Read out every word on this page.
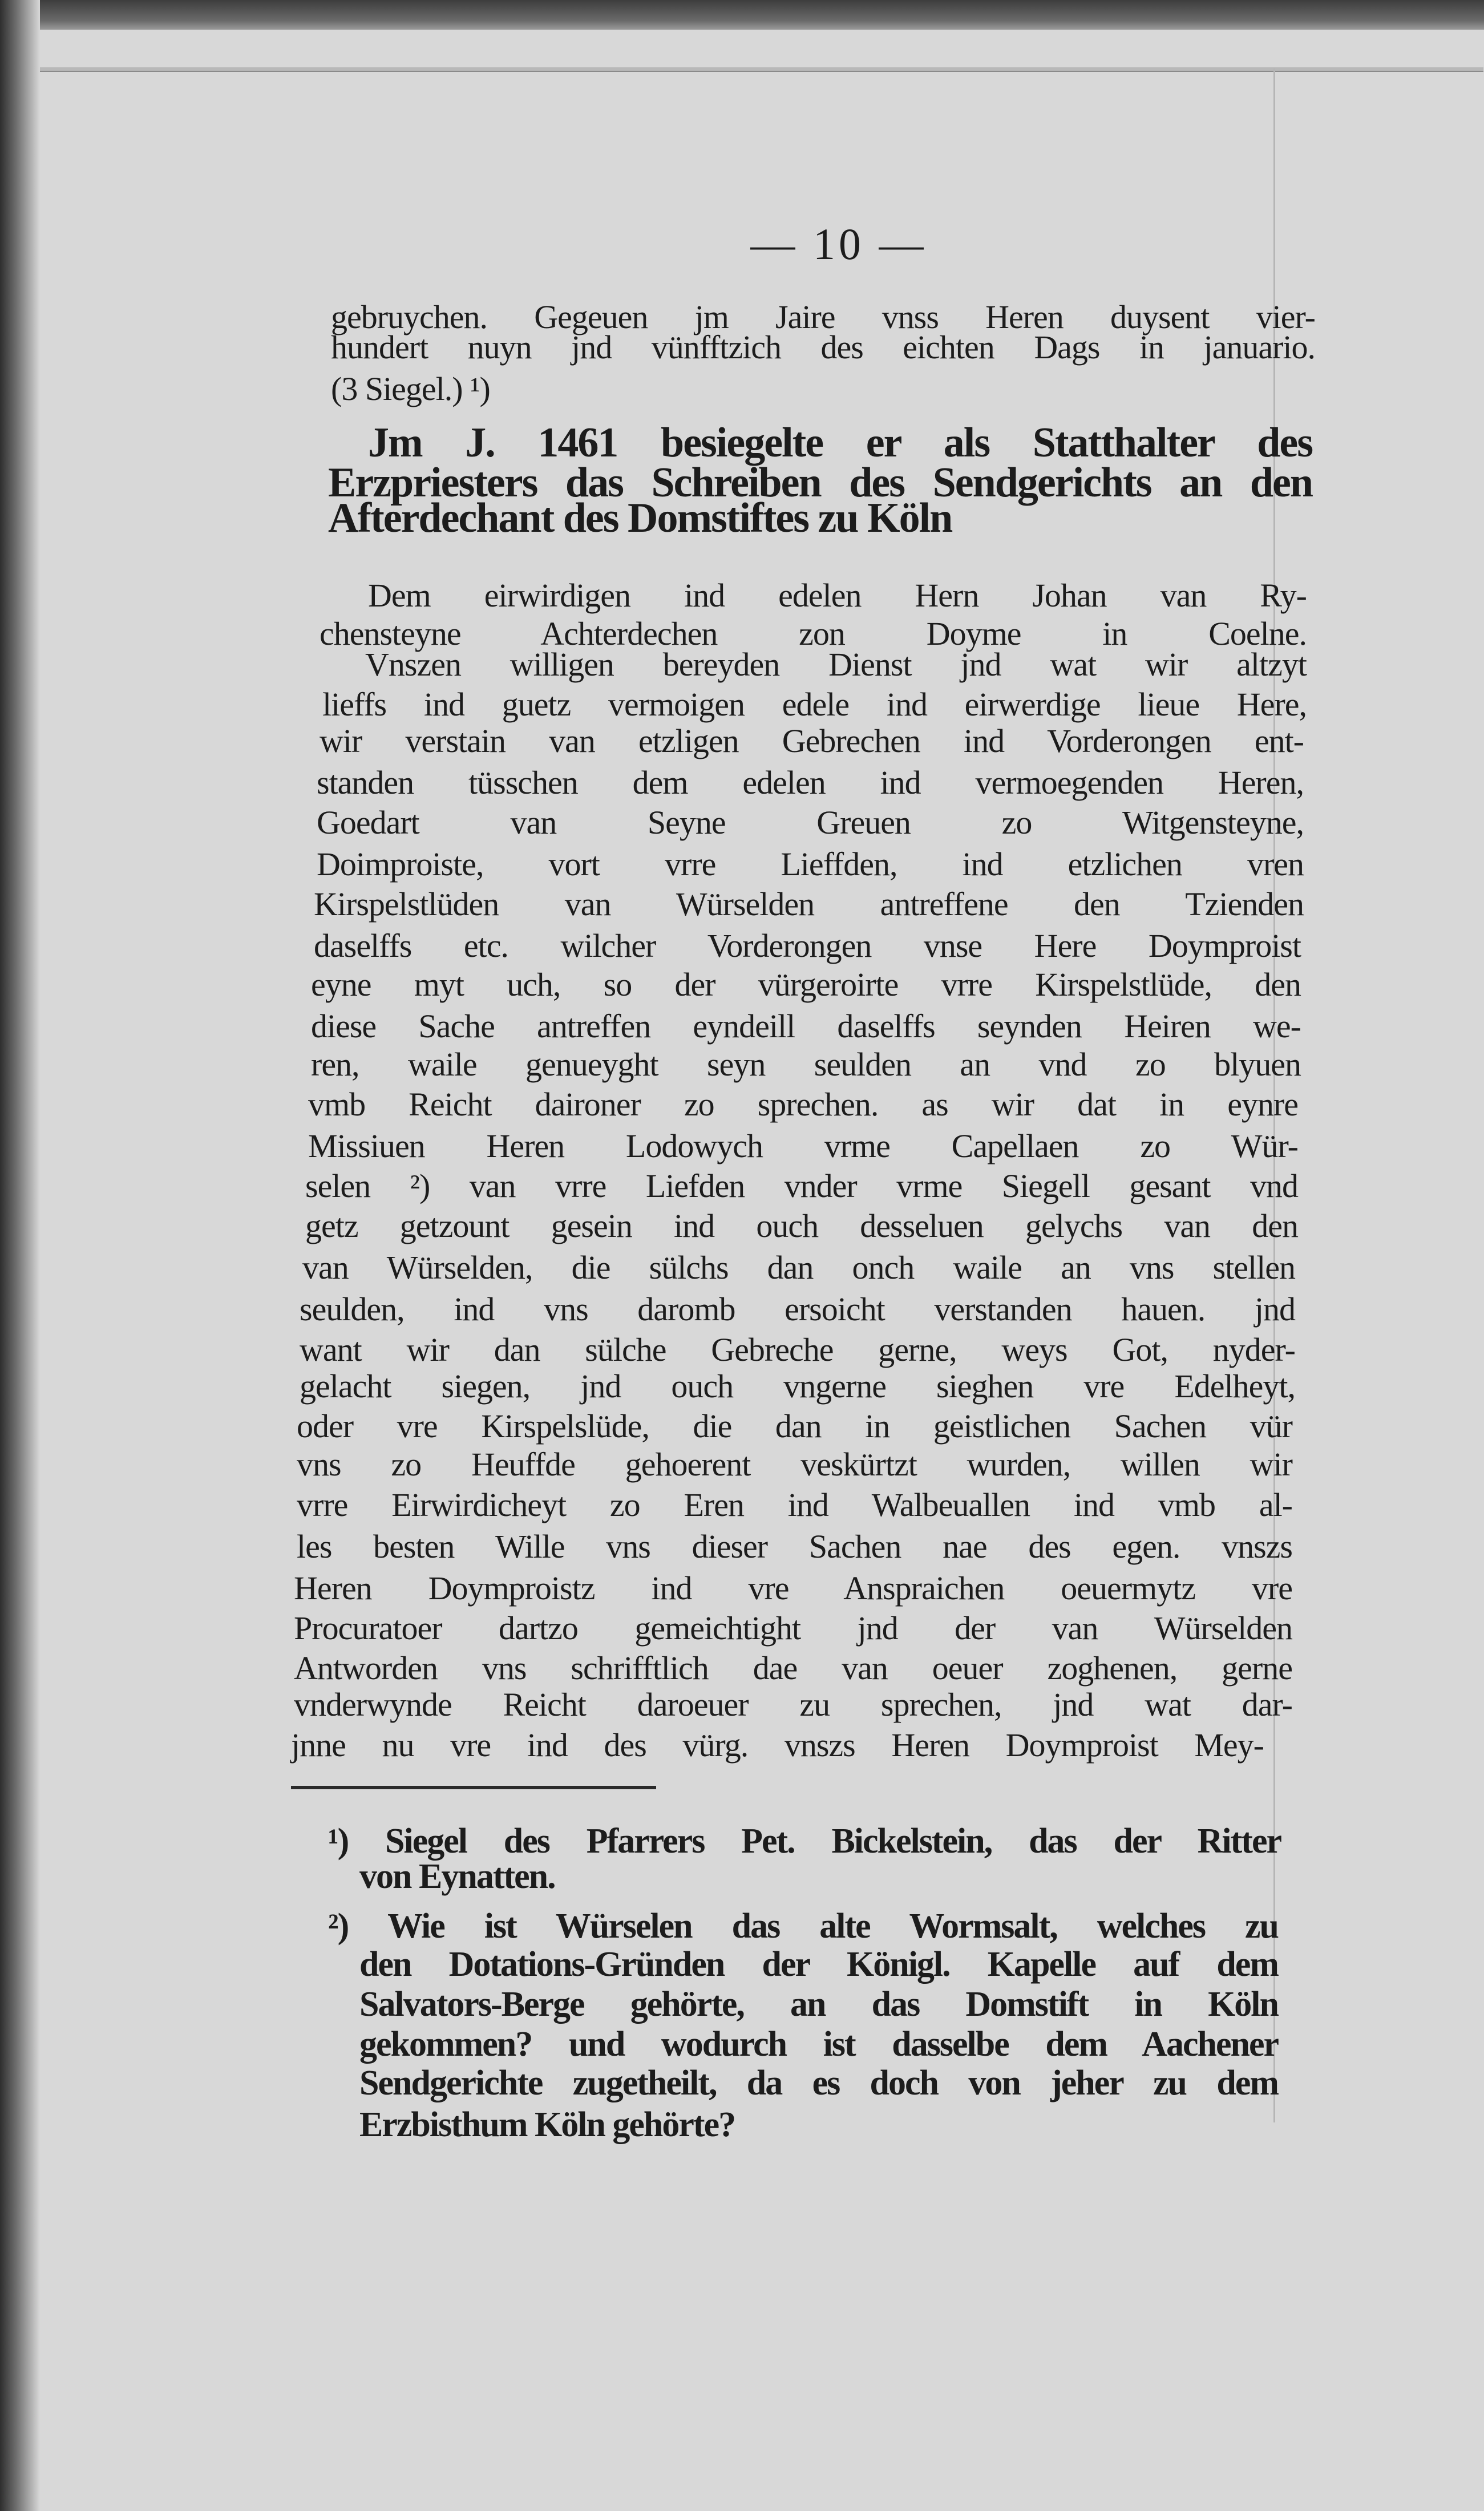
— 10 —
gebruychen. Gegeuen jm Jaire vnss Heren duysent vier-
hundert nuyn jnd vünfftzich des eichten Dags in januario.
(3 Siegel.) ¹)
Jm J. 1461 besiegelte er als Statthalter des
Erzpriesters das Schreiben des Sendgerichts an den
Afterdechant des Domstiftes zu Köln
Dem eirwirdigen ind edelen Hern Johan van Ry-
chensteyne Achterdechen zon Doyme in Coelne.
Vnszen willigen bereyden Dienst jnd wat wir altzyt
lieffs ind guetz vermoigen edele ind eirwerdige lieue Here,
wir verstain van etzligen Gebrechen ind Vorderongen ent-
standen tüsschen dem edelen ind vermoegenden Heren,
Goedart van Seyne Greuen zo Witgensteyne,
Doimproiste, vort vrre Lieffden, ind etzlichen vren
Kirspelstlüden van Würselden antreffene den Tzienden
daselffs etc. wilcher Vorderongen vnse Here Doymproist
eyne myt uch, so der vürgeroirte vrre Kirspelstlüde, den
diese Sache antreffen eyndeill daselffs seynden Heiren we-
ren, waile genueyght seyn seulden an vnd zo blyuen
vmb Reicht daironer zo sprechen. as wir dat in eynre
Missiuen Heren Lodowych vrme Capellaen zo Wür-
selen ²) van vrre Liefden vnder vrme Siegell gesant vnd
getz getzount gesein ind ouch desseluen gelychs van den
van Würselden, die sülchs dan onch waile an vns stellen
seulden, ind vns daromb ersoicht verstanden hauen. jnd
want wir dan sülche Gebreche gerne, weys Got, nyder-
gelacht siegen, jnd ouch vngerne sieghen vre Edelheyt,
oder vre Kirspelslüde, die dan in geistlichen Sachen vür
vns zo Heuffde gehoerent veskürtzt wurden, willen wir
vrre Eirwirdicheyt zo Eren ind Walbeuallen ind vmb al-
les besten Wille vns dieser Sachen nae des egen. vnszs
Heren Doymproistz ind vre Anspraichen oeuermytz vre
Procuratoer dartzo gemeichtight jnd der van Würselden
Antworden vns schrifftlich dae van oeuer zoghenen, gerne
vnderwynde Reicht daroeuer zu sprechen, jnd wat dar-
jnne nu vre ind des vürg. vnszs Heren Doymproist Mey-
¹) Siegel des Pfarrers Pet. Bickelstein, das der Ritter
von Eynatten.
²) Wie ist Würselen das alte Wormsalt, welches zu
den Dotations-Gründen der Königl. Kapelle auf dem
Salvators-Berge gehörte, an das Domstift in Köln
gekommen? und wodurch ist dasselbe dem Aachener
Sendgerichte zugetheilt, da es doch von jeher zu dem
Erzbisthum Köln gehörte?
